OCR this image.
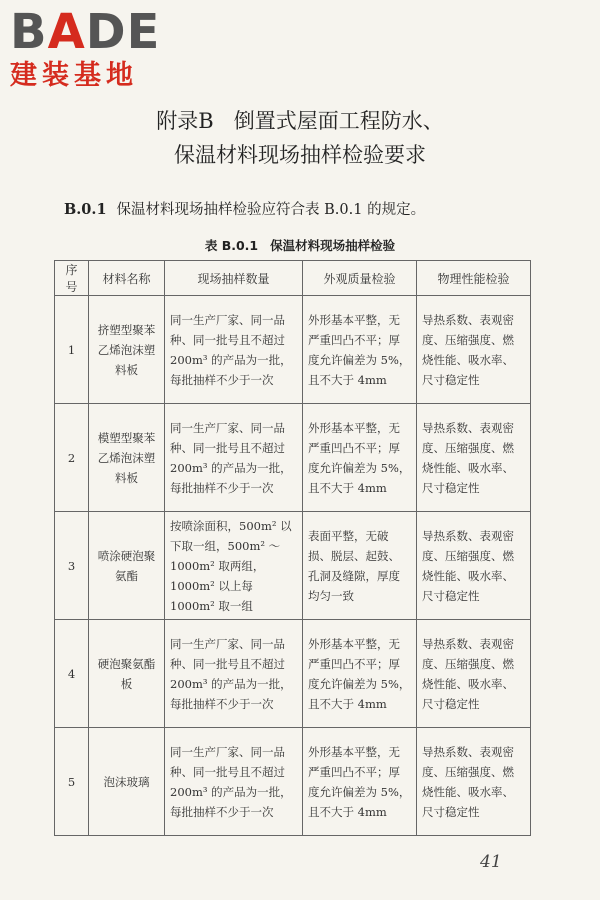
BADE
建装基地
附录B   倒置式屋面工程防水、
保温材料现场抽样检验要求
B.0.1 保温材料现场抽样检验应符合表 B.0.1 的规定。
表 B.0.1 保温材料现场抽样检验
序号	材料名称	现场抽样数量	外观质量检验	物理性能检验
1	挤塑型聚苯乙烯泡沫塑料板	同一生产厂家、同一品种、同一批号且不超过 200m³ 的产品为一批，每批抽样不少于一次	外形基本平整，无严重凹凸不平；厚度允许偏差为 5%，且不大于 4mm	导热系数、表观密度、压缩强度、燃烧性能、吸水率、尺寸稳定性
2	模塑型聚苯乙烯泡沫塑料板	同一生产厂家、同一品种、同一批号且不超过 200m³ 的产品为一批，每批抽样不少于一次	外形基本平整，无严重凹凸不平；厚度允许偏差为 5%，且不大于 4mm	导热系数、表观密度、压缩强度、燃烧性能、吸水率、尺寸稳定性
3	喷涂硬泡聚氨酯	按喷涂面积，500m² 以下取一组，500m² ～ 1000m² 取两组，1000m² 以上每 1000m² 取一组	表面平整，无破损、脱层、起鼓、孔洞及缝隙，厚度均匀一致	导热系数、表观密度、压缩强度、燃烧性能、吸水率、尺寸稳定性
4	硬泡聚氨酯板	同一生产厂家、同一品种、同一批号且不超过 200m³ 的产品为一批，每批抽样不少于一次	外形基本平整，无严重凹凸不平；厚度允许偏差为 5%，且不大于 4mm	导热系数、表观密度、压缩强度、燃烧性能、吸水率、尺寸稳定性
5	泡沫玻璃	同一生产厂家、同一品种、同一批号且不超过 200m³ 的产品为一批，每批抽样不少于一次	外形基本平整，无严重凹凸不平；厚度允许偏差为 5%，且不大于 4mm	导热系数、表观密度、压缩强度、燃烧性能、吸水率、尺寸稳定性
41
